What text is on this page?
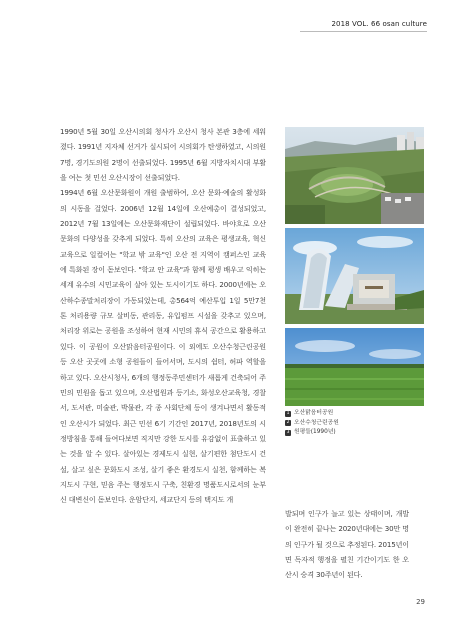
2018 VOL. 66 osan culture

1990년 5월 30일 오산시의회 청사가 오산시 청사 본관 3층에 세워졌다. 1991년 지자체 선거가 실시되어 시의회가 탄생하였고, 시의원 7명, 경기도의원 2명이 선출되었다. 1995년 6월 지방자치시대 부활을 여는 첫 민선 오산시장이 선출되었다.

1994년 6월 오산문화원이 개원 출범하여, 오산 문화·예술의 활성화의 시동을 걸었다. 2006년 12월 14일에 오산예총이 결성되었고, 2012년 7월 13일에는 오산문화재단이 설립되었다. 바야흐로 오산문화의 다양성을 갖추게 되었다. 특히 오산의 교육은 평생교육, 혁신교육으로 일컬어는 "학교 밖 교육"인 오산 전 지역이 캠퍼스인 교육에 특화된 장이 돋보인다. "학교 안 교육"과 함께 평생 배우고 익히는 세계 유수의 시민교육이 살아 있는 도시이기도 하다. 2000년에는 오산하수종말처리장이 가동되었는데, 총564억 예산투입 1일 5만7천톤 처리용량 규모 살비동, 관리동, 유입펌프 시설을 갖추고 있으며, 처리장 위로는 공원을 조성하여 현재 시민의 휴식 공간으로 활용하고 있다. 이 공원이 오산맑음터공원이다. 이 외에도 오산수청근린공원 등 오산 곳곳에 소형 공원들이 들어서며, 도시의 쉼터, 허파 역할을 하고 있다. 오산시청사, 6개의 행정동주민센터가 새롭게 건축되어 주민의 민원을 돕고 있으며, 오산법원과 등기소, 화성오산교육청, 경찰서, 도서관, 미술관, 박물관, 각 종 사회단체 등이 생겨나면서 활동적인 오산시가 되었다. 최근 민선 6기 기간인 2017년, 2018년도의 시정방침을 통해 들여다보면 직지만 강한 도시를 유감없이 표출하고 있는 것을 알 수 있다. 살아있는 경제도시 실현, 살기편한 첨단도시 건설, 살고 싶은 문화도시 조성, 살기 좋은 환경도시 실천, 함께하는 복지도시 구현, 믿음 주는 행정도시 구축, 친환경 명품도시로서의 눈부신 대변신이 돋보인다. 운암단지, 세교단지 등의 택지도 개

1 오산맑음터공원
2 오산수청근린공원
3 원평들(1990년)
발되며 인구가 늘고 있는 상태이며, 개발이 완전히 끝나는 2020년대에는 30만 명의 인구가 될 것으로 추정된다. 2015년이면 독자적 행정을 펼친 기간이기도 한 오산시 승격 30주년이 된다.
29
